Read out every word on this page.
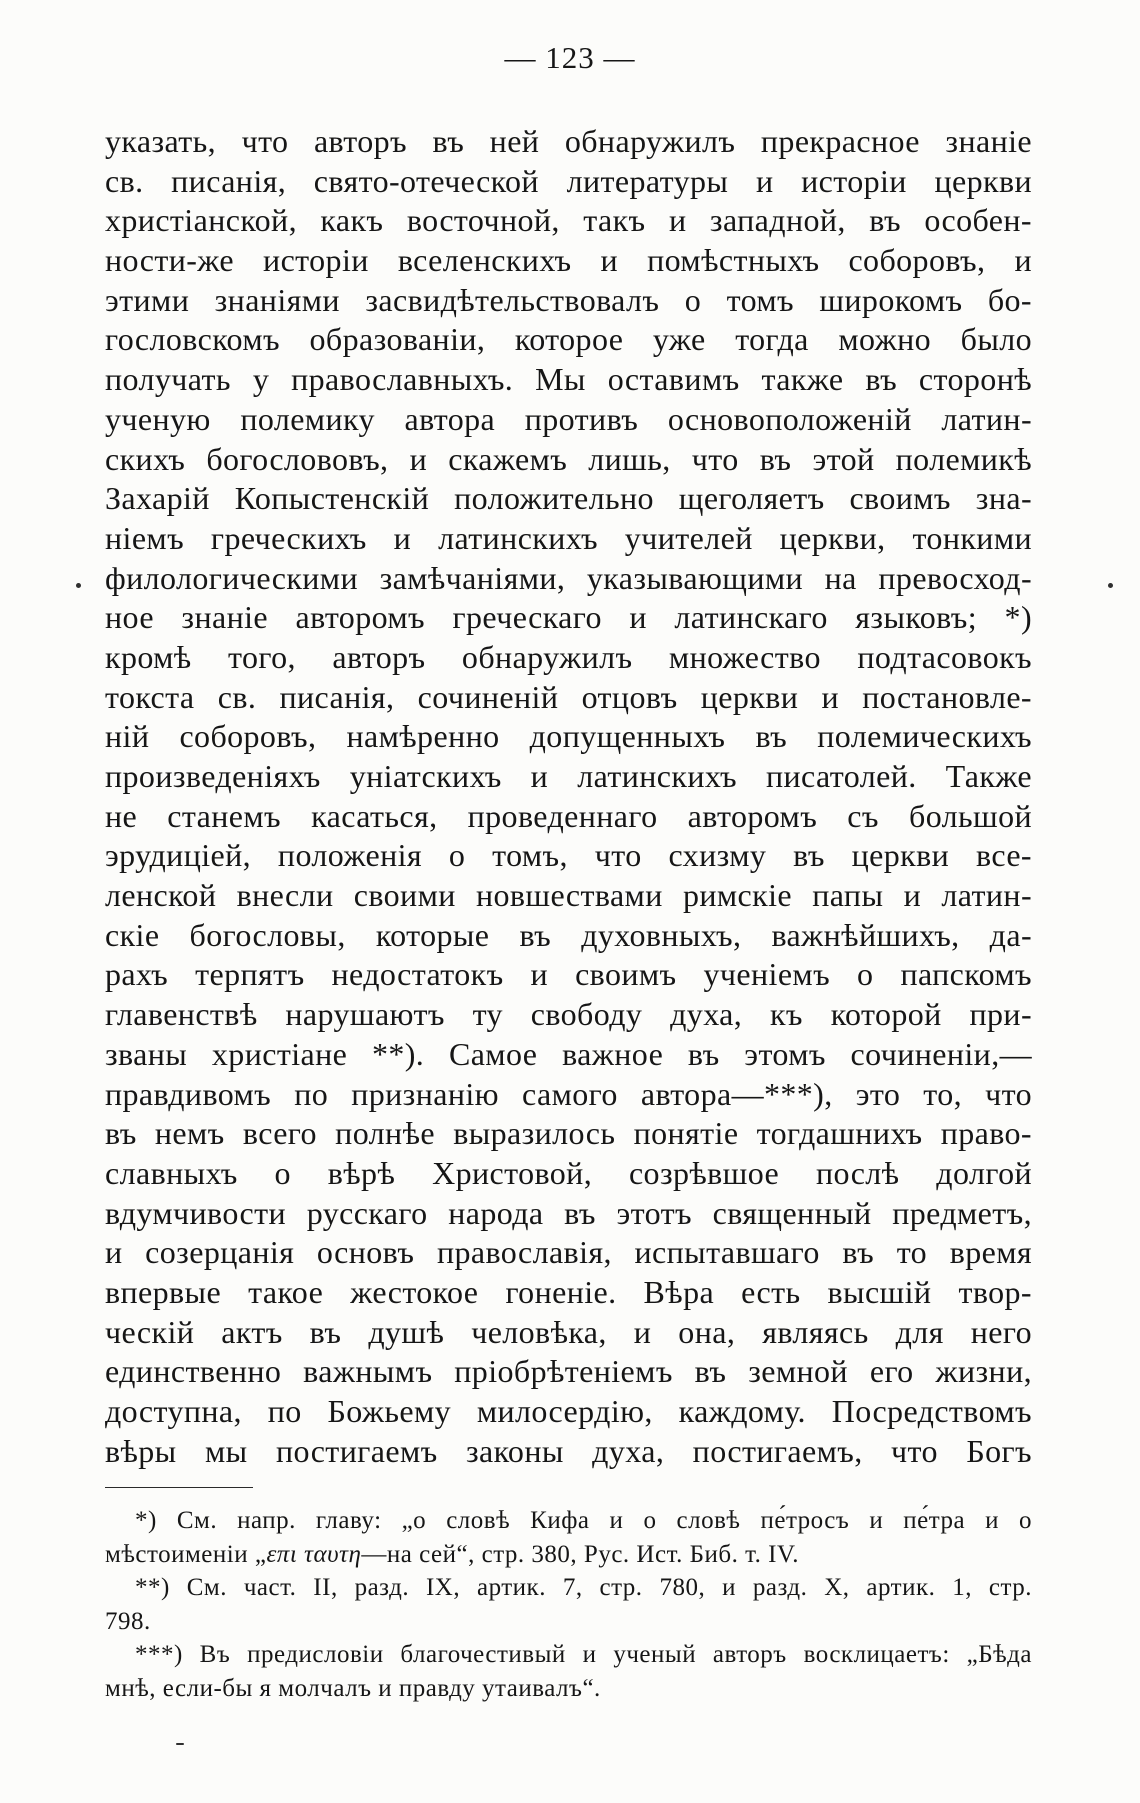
— 123 —
указать, что авторъ въ ней обнаружилъ прекрасное знаніе
св. писанія, свято-отеческой литературы и исторіи церкви
христіанской, какъ восточной, такъ и западной, въ особен-
ности-же исторіи вселенскихъ и помѣстныхъ соборовъ, и
этими знаніями засвидѣтельствовалъ о томъ широкомъ бо-
гословскомъ образованіи, которое уже тогда можно было
получать у православныхъ. Мы оставимъ также въ сторонѣ
ученую полемику автора противъ основоположеній латин-
скихъ богослововъ, и скажемъ лишь, что въ этой полемикѣ
Захарій Копыстенскій положительно щеголяетъ своимъ зна-
ніемъ греческихъ и латинскихъ учителей церкви, тонкими
филологическими замѣчаніями, указывающими на превосход-
ное знаніе авторомъ греческаго и латинскаго языковъ; *)
кромѣ того, авторъ обнаружилъ множество подтасовокъ
токста св. писанія, сочиненій отцовъ церкви и постановле-
ній соборовъ, намѣренно допущенныхъ въ полемическихъ
произведеніяхъ уніатскихъ и латинскихъ писатолей. Также
не станемъ касаться, проведеннаго авторомъ съ большой
эрудиціей, положенія о томъ, что схизму въ церкви все-
ленской внесли своими новшествами римскіе папы и латин-
скіе богословы, которые въ духовныхъ, важнѣйшихъ, да-
рахъ терпятъ недостатокъ и своимъ ученіемъ о папскомъ
главенствѣ нарушаютъ ту свободу духа, къ которой при-
званы христіане **). Самое важное въ этомъ сочиненіи,—
правдивомъ по признанію самого автора—***), это то, что
въ немъ всего полнѣе выразилось понятіе тогдашнихъ право-
славныхъ о вѣрѣ Христовой, созрѣвшое послѣ долгой
вдумчивости русскаго народа въ этотъ священный предметъ,
и созерцанія основъ православія, испытавшаго въ то время
впервые такое жестокое гоненіе. Вѣра есть высшій твор-
ческій актъ въ душѣ человѣка, и она, являясь для него
единственно важнымъ пріобрѣтеніемъ въ земной его жизни,
доступна, по Божьему милосердію, каждому. Посредствомъ
вѣры мы постигаемъ законы духа, постигаемъ, что Богъ
*) См. напр. главу: „о словѣ Кифа и о словѣ пе́тросъ и пе́тра и о
мѣстоименіи „επι ταυτη—на сей“, стр. 380, Рус. Ист. Биб. т. IV.
**) См. част. II, разд. IX, артик. 7, стр. 780, и разд. X, артик. 1, стр.
798.
***) Въ предисловіи благочестивый и ученый авторъ восклицаетъ: „Бѣда
мнѣ, если-бы я молчалъ и правду утаивалъ“.
